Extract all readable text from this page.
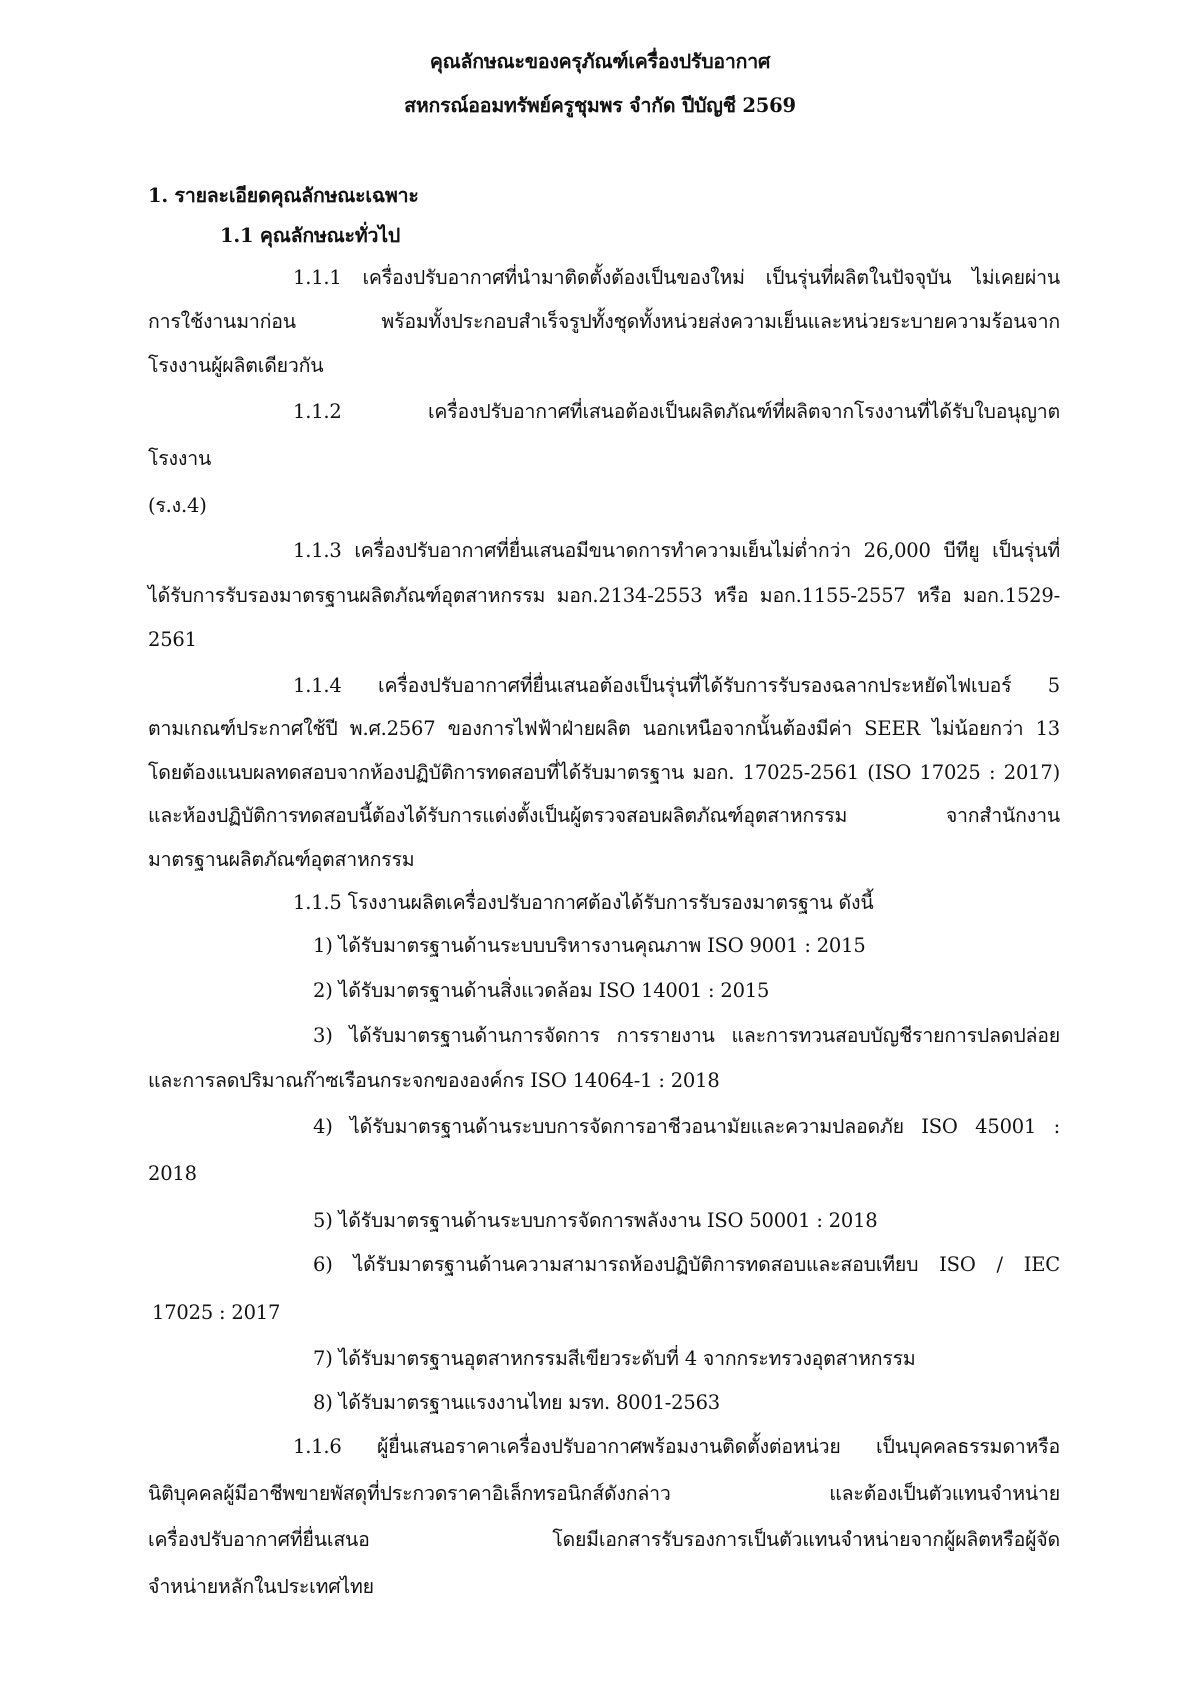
คุณลักษณะของครุภัณฑ์เครื่องปรับอากาศ
สหกรณ์ออมทรัพย์ครูชุมพร จำกัด ปีบัญชี 2569
1. รายละเอียดคุณลักษณะเฉพาะ
1.1 คุณลักษณะทั่วไป
1.1.1 เครื่องปรับอากาศที่นำมาติดตั้งต้องเป็นของใหม่ เป็นรุ่นที่ผลิตในปัจจุบัน ไม่เคยผ่าน
การใช้งานมาก่อน พร้อมทั้งประกอบสำเร็จรูปทั้งชุดทั้งหน่วยส่งความเย็นและหน่วยระบายความร้อนจาก
โรงงานผู้ผลิตเดียวกัน
1.1.2 เครื่องปรับอากาศที่เสนอต้องเป็นผลิตภัณฑ์ที่ผลิตจากโรงงานที่ได้รับใบอนุญาต
โรงงาน
(ร.ง.4)
1.1.3 เครื่องปรับอากาศที่ยื่นเสนอมีขนาดการทำความเย็นไม่ต่ำกว่า 26,000 บีทียู เป็นรุ่นที่
ได้รับการรับรองมาตรฐานผลิตภัณฑ์อุตสาหกรรม มอก.2134-2553 หรือ มอก.1155-2557 หรือ มอก.1529-
2561
1.1.4 เครื่องปรับอากาศที่ยื่นเสนอต้องเป็นรุ่นที่ได้รับการรับรองฉลากประหยัดไฟเบอร์ 5
ตามเกณฑ์ประกาศใช้ปี พ.ศ.2567 ของการไฟฟ้าฝ่ายผลิต นอกเหนือจากนั้นต้องมีค่า SEER ไม่น้อยกว่า 13
โดยต้องแนบผลทดสอบจากห้องปฏิบัติการทดสอบที่ได้รับมาตรฐาน มอก. 17025-2561 (ISO 17025 : 2017)
และห้องปฏิบัติการทดสอบนี้ต้องได้รับการแต่งตั้งเป็นผู้ตรวจสอบผลิตภัณฑ์อุตสาหกรรม จากสำนักงาน
มาตรฐานผลิตภัณฑ์อุตสาหกรรม
1.1.5 โรงงานผลิตเครื่องปรับอากาศต้องได้รับการรับรองมาตรฐาน ดังนี้
1) ได้รับมาตรฐานด้านระบบบริหารงานคุณภาพ ISO 9001 : 2015
2) ได้รับมาตรฐานด้านสิ่งแวดล้อม ISO 14001 : 2015
3) ได้รับมาตรฐานด้านการจัดการ การรายงาน และการทวนสอบบัญชีรายการปลดปล่อย
และการลดปริมาณก๊าซเรือนกระจกขององค์กร ISO 14064-1 : 2018
4) ได้รับมาตรฐานด้านระบบการจัดการอาชีวอนามัยและความปลอดภัย ISO 45001 :
2018
5) ได้รับมาตรฐานด้านระบบการจัดการพลังงาน ISO 50001 : 2018
6) ได้รับมาตรฐานด้านความสามารถห้องปฏิบัติการทดสอบและสอบเทียบ ISO / IEC
17025 : 2017
7) ได้รับมาตรฐานอุตสาหกรรมสีเขียวระดับที่ 4 จากกระทรวงอุตสาหกรรม
8) ได้รับมาตรฐานแรงงานไทย มรท. 8001-2563
1.1.6 ผู้ยื่นเสนอราคาเครื่องปรับอากาศพร้อมงานติดตั้งต่อหน่วย เป็นบุคคลธรรมดาหรือ
นิติบุคคลผู้มีอาชีพขายพัสดุที่ประกวดราคาอิเล็กทรอนิกส์ดังกล่าว และต้องเป็นตัวแทนจำหน่าย
เครื่องปรับอากาศที่ยื่นเสนอ โดยมีเอกสารรับรองการเป็นตัวแทนจำหน่ายจากผู้ผลิตหรือผู้จัด
จำหน่ายหลักในประเทศไทย
